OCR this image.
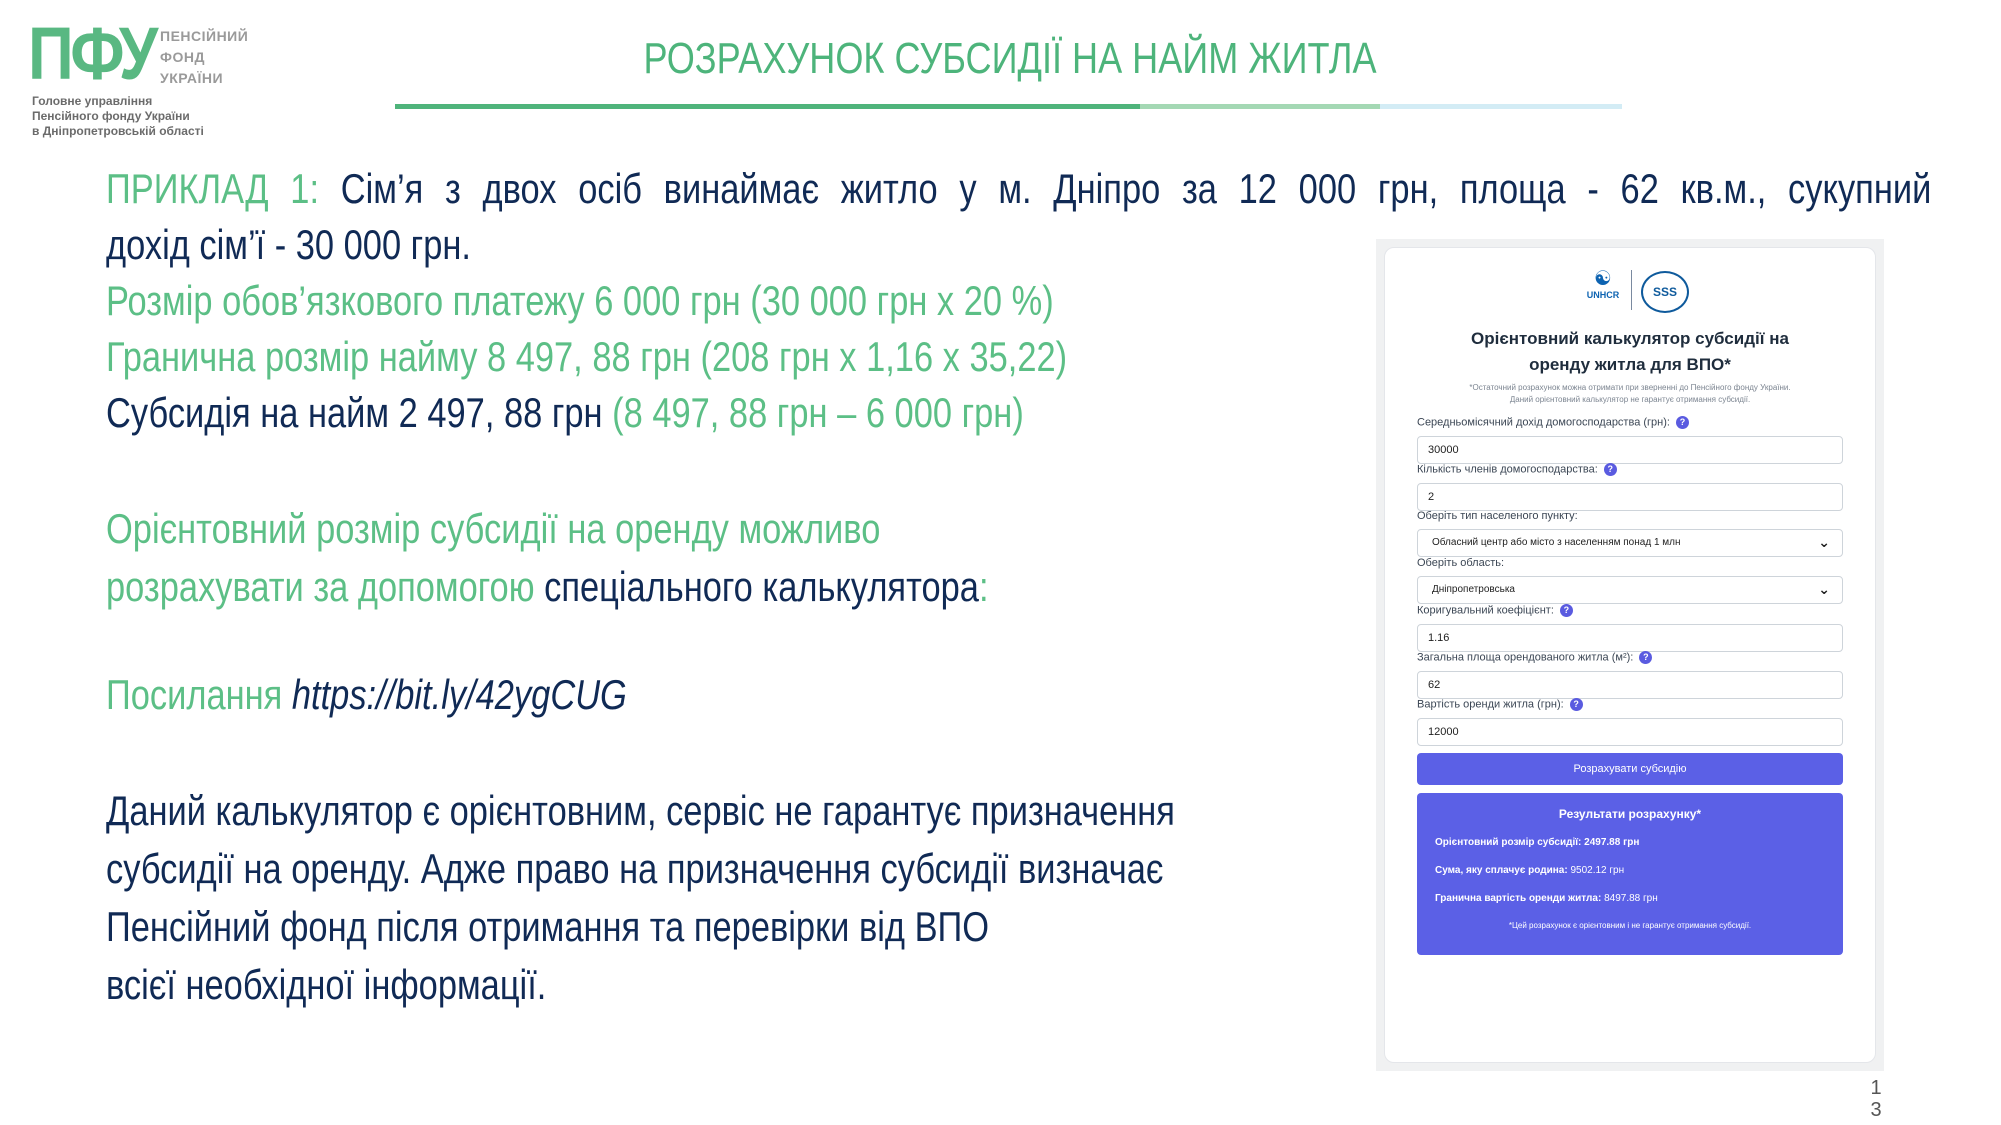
ПФУ ПЕНСІЙНИЙ
ФОНД
УКРАЇНИ
Головне управління
Пенсійного фонду України
в Дніпропетровській області
РОЗРАХУНОК СУБСИДІЇ НА НАЙМ ЖИТЛА

ПРИКЛАД 1: Сім’я з двох осіб винаймає житло у м. Дніпро за 12 000 грн, площа - 62 кв.м., сукупний

дохід сім’ї - 30 000 грн.

Розмір обов’язкового платежу 6 000 грн (30 000 грн х 20 %)

Гранична розмір найму 8 497, 88 грн (208 грн х 1,16 х 35,22)

Субсидія на найм 2 497, 88 грн (8 497, 88 грн – 6 000 грн)

Орієнтовний розмір субсидії на оренду можливо

розрахувати за допомогою спеціального калькулятора:

Посилання https://bit.ly/42ygCUG

Даний калькулятор є орієнтовним, сервіс не гарантує призначення

субсидії на оренду. Адже право на призначення субсидії визначає

Пенсійний фонд після отримання та перевірки від ВПО

всієї необхідної інформації.

☯
UNHCR	SSS
Орієнтовний калькулятор субсидії на
оренду житла для ВПО*
*Остаточний розрахунок можна отримати при зверненні до Пенсійного фонду України.
Даний орієнтовний калькулятор не гарантує отримання субсидії.
Середньомісячний дохід домогосподарства (грн): ?
30000
Кількість членів домогосподарства: ?
2
Оберіть тип населеного пункту:
Обласний центр або місто з населенням понад 1 млн	⌄
Оберіть область:
Дніпропетровська	⌄
Коригувальний коефіцієнт: ?
1.16
Загальна площа орендованого житла (м²): ?
62
Вартість оренди житла (грн): ?
12000
Розрахувати субсидію
Результати розрахунку*
Орієнтовний розмір субсидії: 2497.88 грн
Сума, яку сплачує родина: 9502.12 грн
Гранична вартість оренди житла: 8497.88 грн
*Цей розрахунок є орієнтовним і не гарантує отримання субсидії.
13
